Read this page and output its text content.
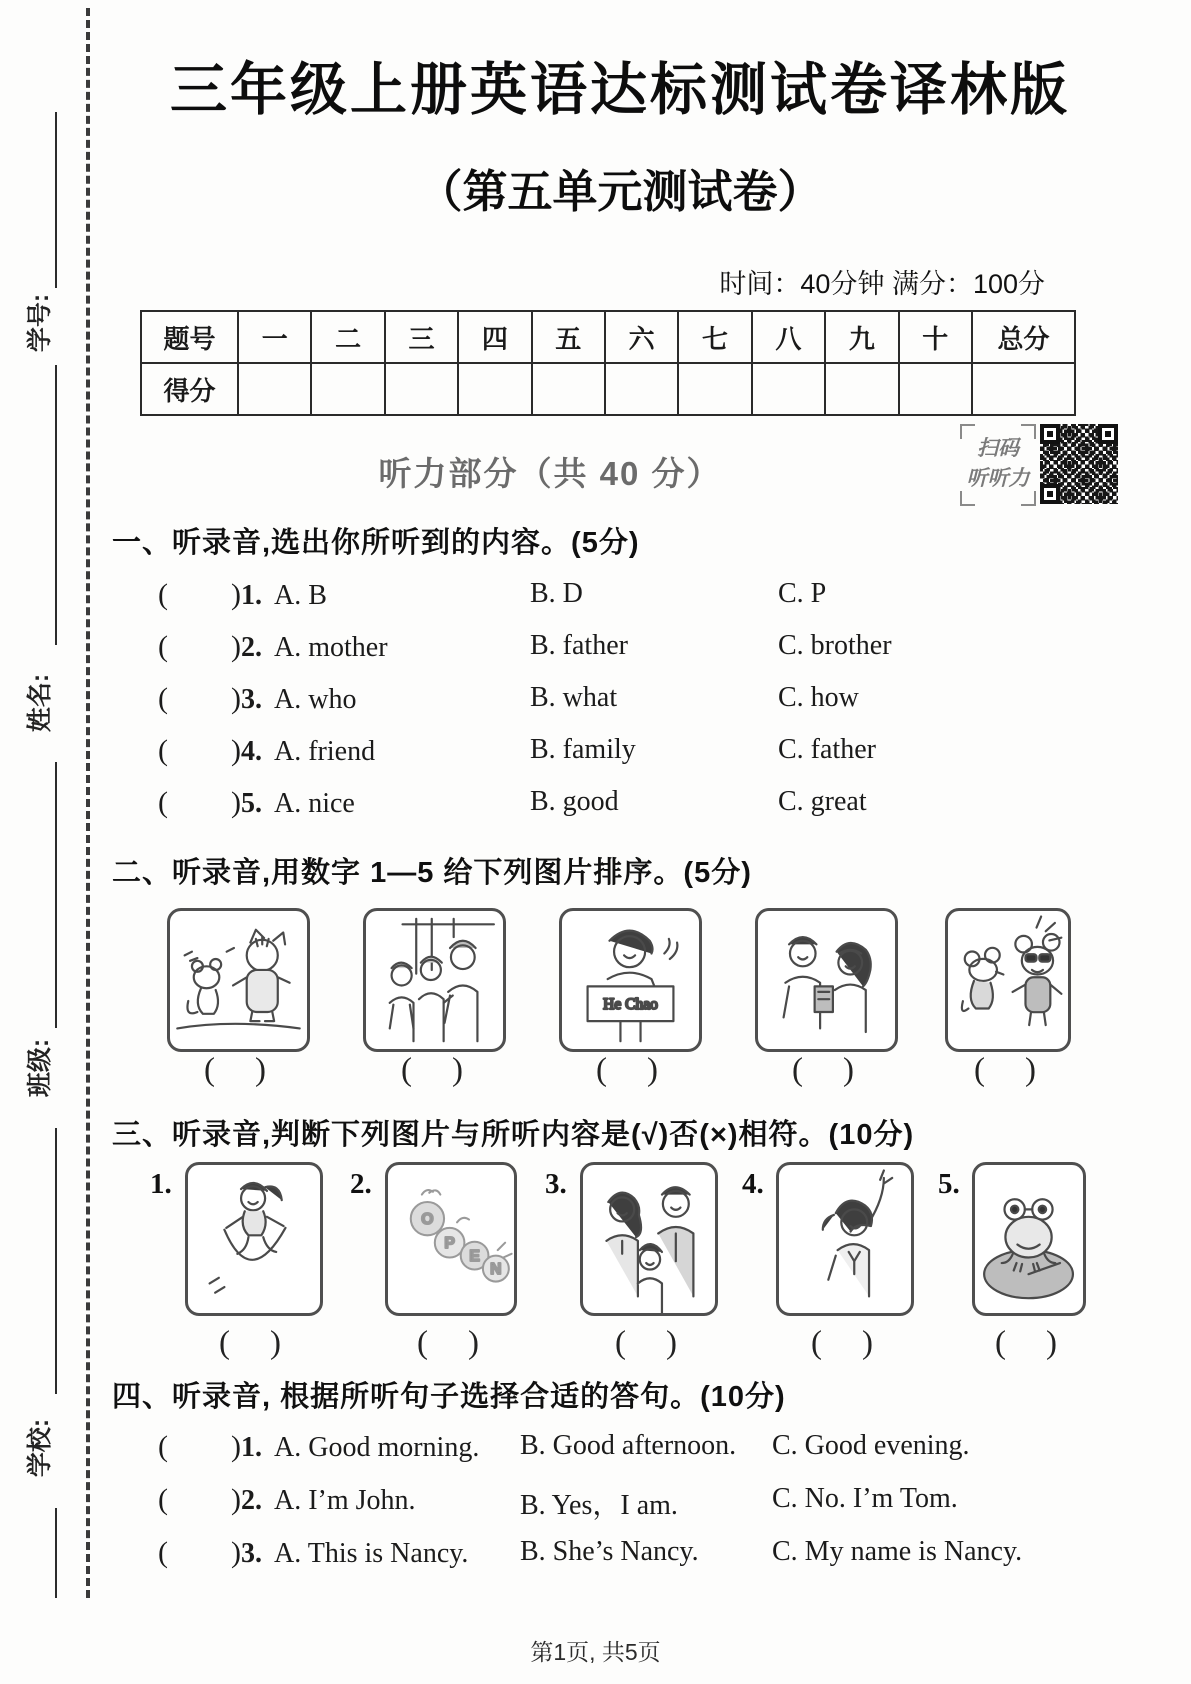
学号:
姓名:
班级:
学校:
三年级上册英语达标测试卷译林版
（第五单元测试卷）
时间：40分钟 满分：100分
题号	一	二	三	四	五	六	七	八	九	十	总分
得分											
听力部分（共 40 分）
扫码
听听力
一、听录音,选出你所听到的内容。(5分)
( )1. A. B	B. D	C. P
( )2. A. mother	B. father	C. brother
( )3. A. who	B. what	C. how
( )4. A. friend	B. family	C. father
( )5. A. nice	B. good	C. great
二、听录音,用数字 1—5 给下列图片排序。(5分)
He Chao
( )	( )	( )	( )	( )
三、听录音,判断下列图片与所听内容是(√)否(×)相符。(10分)
1.	2.
O
P
E
N
3.	4.	5.
( )	( )	( )	( )	( )
四、听录音, 根据所听句子选择合适的答句。(10分)
( )1. A. Good morning. B. Good afternoon. C. Good evening.
( )2. A. I’m John.	B. Yes，I am.	C. No. I’m Tom.
( )3. A. This is Nancy. B. She’s Nancy.	C. My name is Nancy.
第1页, 共5页
